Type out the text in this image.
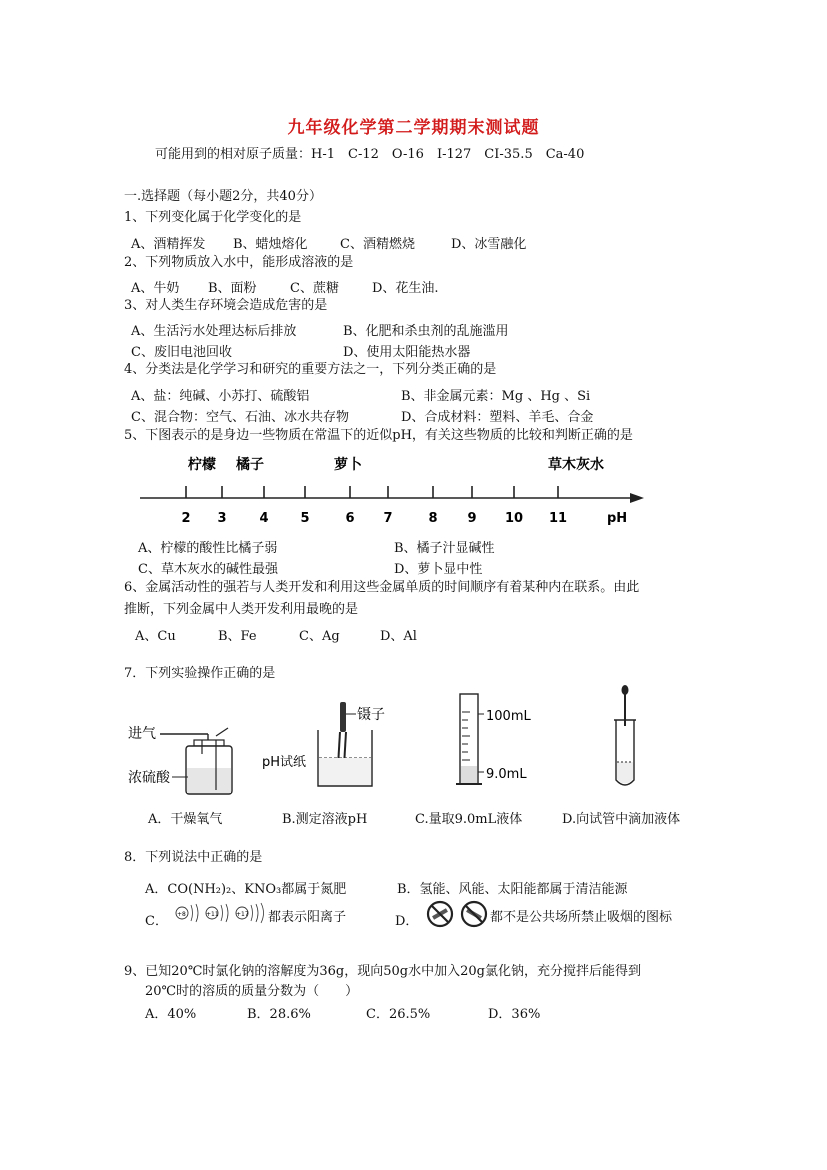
九年级化学第二学期期末测试题
可能用到的相对原子质量：H-1　C-12　O-16　I-127　CI-35.5　Ca-40
一.选择题（每小题2分，共40分）
1、下列变化属于化学变化的是
A、酒精挥发 B、蜡烛熔化 C、酒精燃烧	D、冰雪融化
2、下列物质放入水中，能形成溶液的是
A、牛奶 B、面粉	C、蔗糖	D、花生油.
3、对人类生存环境会造成危害的是
A、生活污水处理达标后排放	B、化肥和杀虫剂的乱施滥用
C、废旧电池回收	D、使用太阳能热水器
4、分类法是化学学习和研究的重要方法之一，下列分类正确的是
A、盐：纯碱、小苏打、硫酸铝	B、非金属元素：Mg 、Hg 、Si
C、混合物：空气、石油、冰水共存物	D、合成材料：塑料、羊毛、合金
5、下图表示的是身边一些物质在常温下的近似pH，有关这些物质的比较和判断正确的是
柠檬 橘子	萝卜	草木灰水
2 3	4 5	6 7	8 9 10 11	pH
A、柠檬的酸性比橘子弱	B、橘子汁显碱性
C、草木灰水的碱性最强	D、萝卜显中性
6、金属活动性的强若与人类开发和利用这些金属单质的时间顺序有着某种内在联系。由此
推断，下列金属中人类开发利用最晚的是
A、Cu	B、Fe	C、Ag	D、Al
7．下列实验操作正确的是
进气
浓硫酸
镊子
pH试纸
100mL
9.0mL
A．干燥氧气	B.测定溶液pH	C.量取9.0mL液体	D.向试管中滴加液体
8．下列说法中正确的是
A．CO(NH₂)₂、KNO₃都属于氮肥	B．氢能、风能、太阳能都属于清洁能源
C． +8	+11	+17 都表示阳离子	D．	都不是公共场所禁止吸烟的图标
9、已知20℃时氯化钠的溶解度为36g，现向50g水中加入20g氯化钠，充分搅拌后能得到
20℃时的溶质的质量分数为（　　）
A．40%	B．28.6%	C．26.5%	D．36%
